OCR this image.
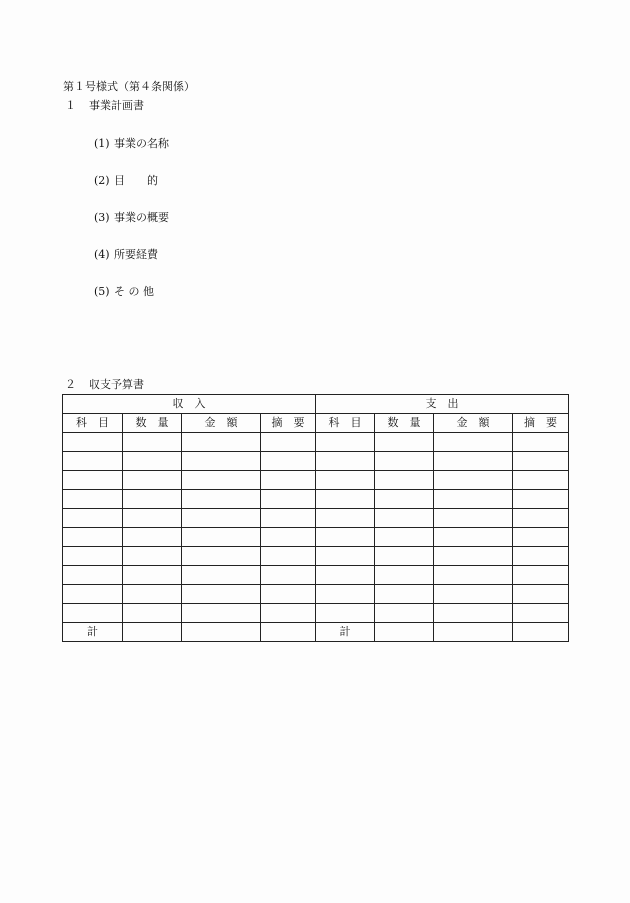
第１号様式（第４条関係）
１ 事業計画書
(1) 事業の名称
(2) 目　　的
(3) 事業の概要
(4) 所要経費
(5) そ の 他
２ 収支予算書
収　入				支　出			
科　目	数　量	金　額	摘　要	科　目	数　量	金　額	摘　要

計				計			
